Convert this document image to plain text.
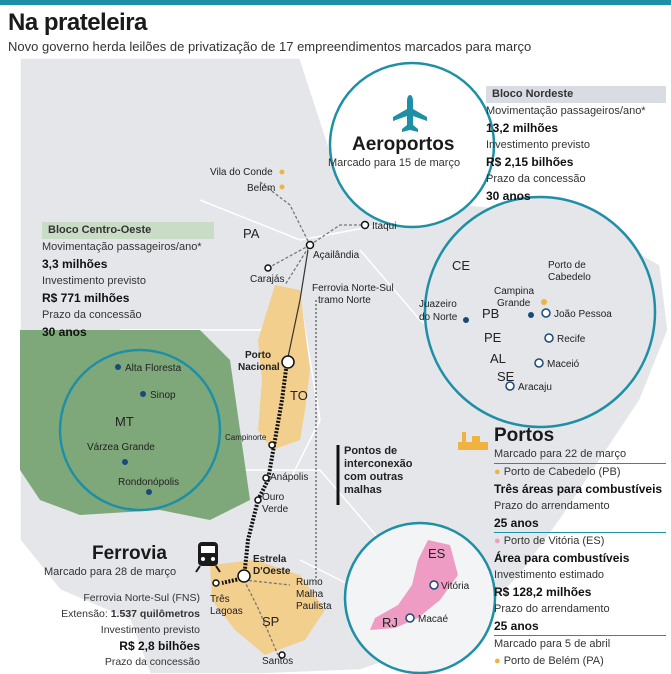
Na prateleira
Novo governo herda leilões de privatização de 17 empreendimentos marcados para março
PA
TO
MT
SP
CE
PB
PE
AL
SE
ES
RJ
Vila do Conde
Belém
Itaqui
Açailândia
Carajás
Porto
Nacional
Campinorte
Anápolis
Ouro
Verde
Estrela
D'Oeste
Três
Lagoas
Santos
Alta Floresta
Sinop
Várzea Grande
Rondonópolis
Juazeiro
do Norte
Campina
Grande
Porto de
Cabedelo
João Pessoa
Recife
Maceió
Aracaju
Vitória
Macaé
Ferrovia Norte-Sul
tramo Norte
Rumo
Malha
Paulista
Pontos de
interconexão
com outras
malhas
Aeroportos
Marcado para 15 de março
Bloco Nordeste
Movimentação passageiros/ano*
13,2 milhões
Investimento previsto
R$ 2,15 bilhões
Prazo da concessão
30 anos
Bloco Centro-Oeste
Movimentação passageiros/ano*
3,3 milhões
Investimento previsto
R$ 771 milhões
Prazo da concessão
30 anos
Portos
Marcado para 22 de março
● Porto de Cabedelo (PB)
Três áreas para combustíveis
Prazo do arrendamento
25 anos
● Porto de Vitória (ES)
Área para combustíveis
Investimento estimado
R$ 128,2 milhões
Prazo do arrendamento
25 anos
Marcado para 5 de abril
● Porto de Belém (PA)
Ferrovia
Marcado para 28 de março
Ferrovia Norte-Sul (FNS)
Extensão: 1.537 quilômetros
Investimento previsto
R$ 2,8 bilhões
Prazo da concessão
